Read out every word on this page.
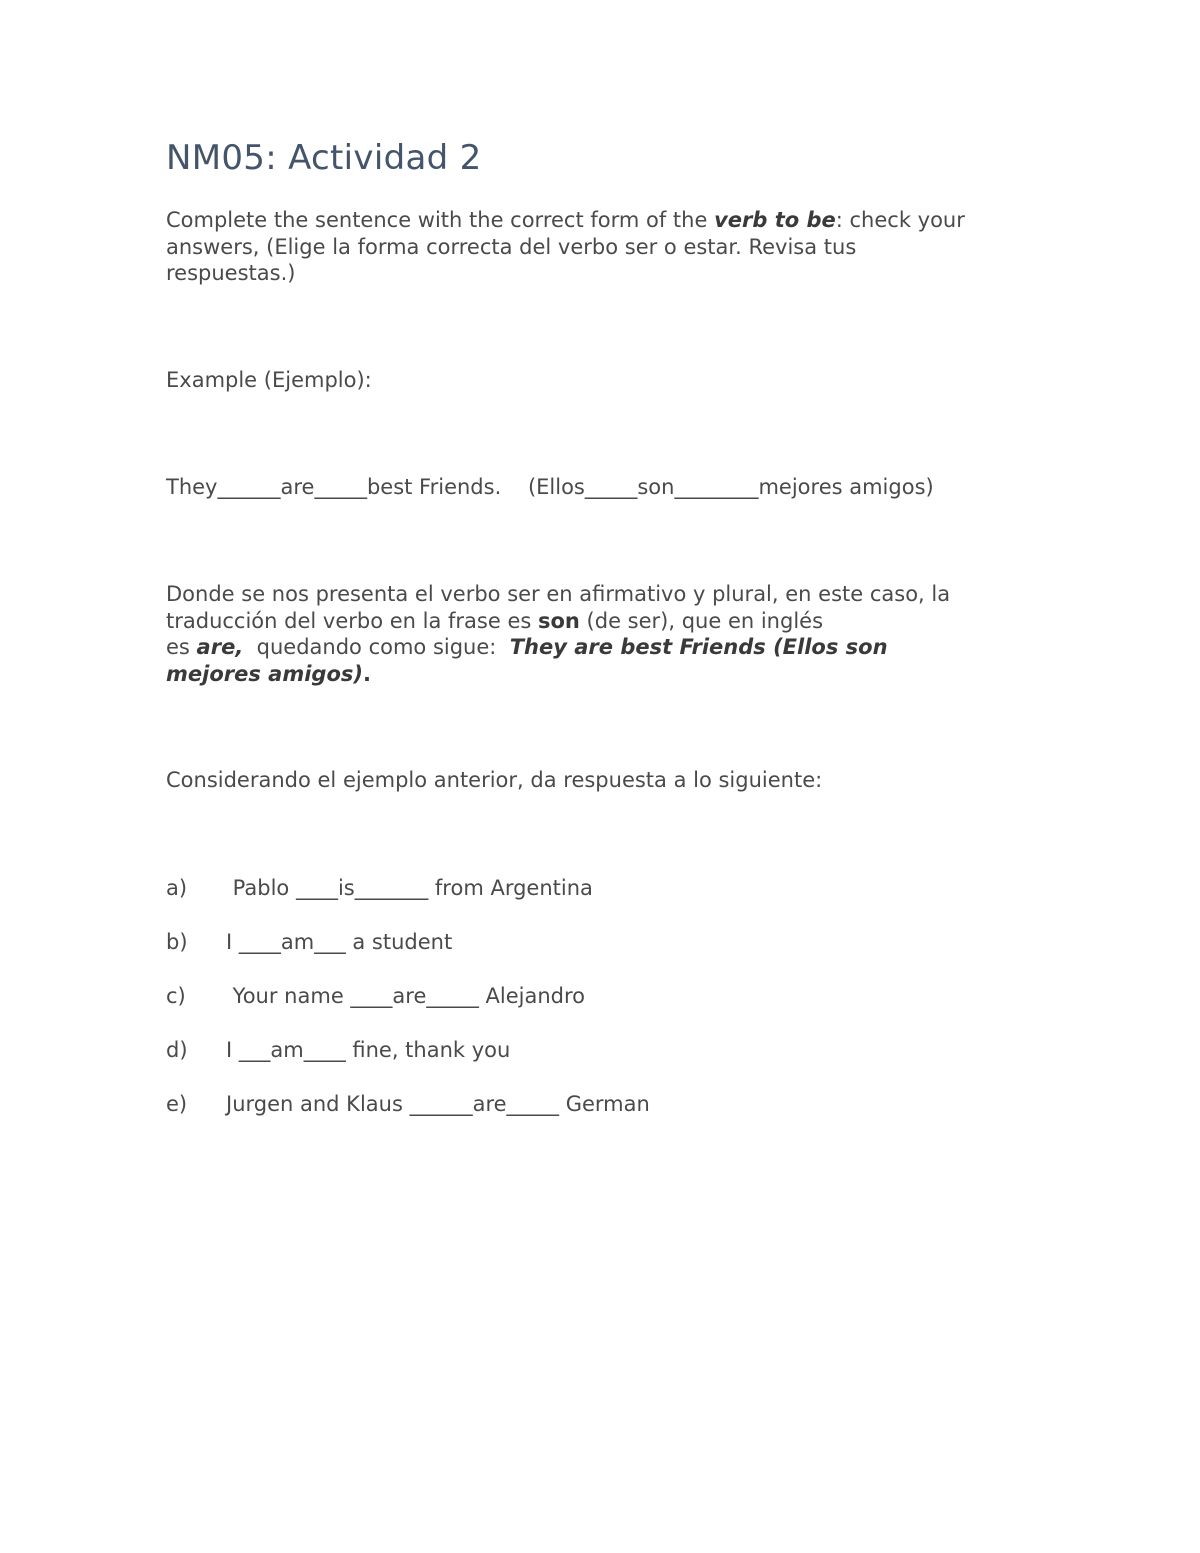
NM05: Actividad 2
Complete the sentence with the correct form of the verb to be: check your
answers, (Elige la forma correcta del verbo ser o estar. Revisa tus
respuestas.)
Example (Ejemplo):
They______are_____best Friends.    (Ellos_____son________mejores amigos)
Donde se nos presenta el verbo ser en afirmativo y plural, en este caso, la
traducción del verbo en la frase es son (de ser), que en inglés
es are,  quedando como sigue:  They are best Friends (Ellos son
mejores amigos).
Considerando el ejemplo anterior, da respuesta a lo siguiente:

a)

Pablo ____is_______ from Argentina

b)

I ____am___ a student

c)

Your name ____are_____ Alejandro

d)

I ___am____ fine, thank you

e)

Jurgen and Klaus ______are_____ German
